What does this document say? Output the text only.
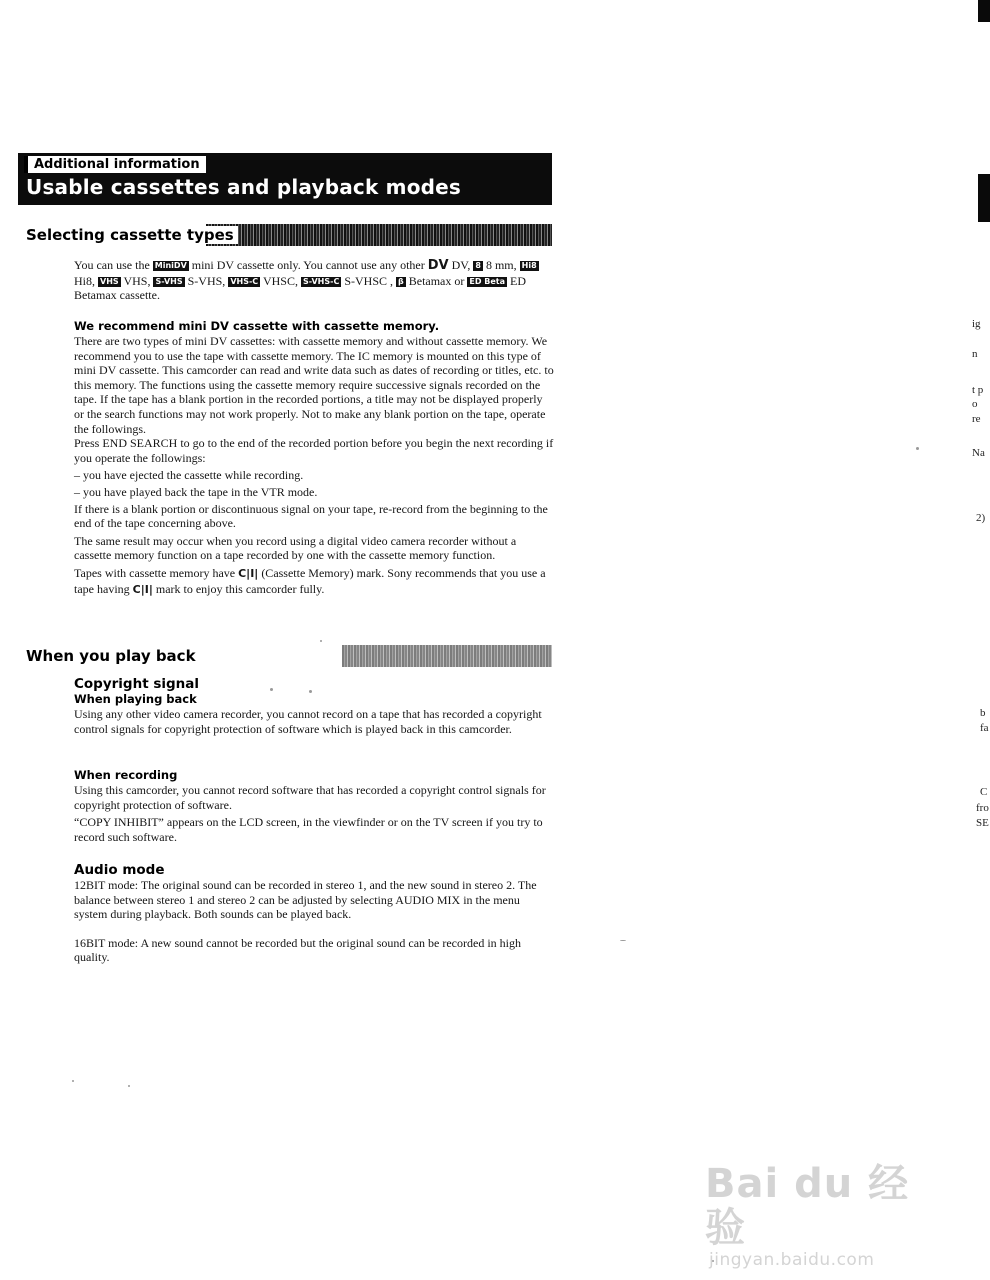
ig
n
t p
o
re
Na
2)
b
fa
C
fro
SE
Additional information
Usable cassettes and playback modes
Selecting cassette types

You can use the MiniDV mini DV cassette only. You cannot use any other DV DV, 8 8 mm, Hi8 Hi8, VHS VHS, S-VHS S-VHS, VHS-C VHSC, S-VHS-C S-VHSC , β Betamax or ED Beta ED Betamax cassette.

We recommend mini DV cassette with cassette memory.

There are two types of mini DV cassettes: with cassette memory and without cassette memory. We recommend you to use the tape with cassette memory. The IC memory is mounted on this type of mini DV cassette. This camcorder can read and write data such as dates of recording or titles, etc. to this memory. The functions using the cassette memory require successive signals recorded on the tape. If the tape has a blank portion in the recorded portions, a title may not be displayed properly or the search functions may not work properly. Not to make any blank portion on the tape, operate the followings.

Press END SEARCH to go to the end of the recorded portion before you begin the next recording if you operate the followings:

– you have ejected the cassette while recording.

– you have played back the tape in the VTR mode.

If there is a blank portion or discontinuous signal on your tape, re-record from the beginning to the end of the tape concerning above.

The same result may occur when you record using a digital video camera recorder without a cassette memory function on a tape recorded by one with the cassette memory function.

Tapes with cassette memory have C|I| (Cassette Memory) mark. Sony recommends that you use a tape having C|I| mark to enjoy this camcorder fully.

When you play back

Copyright signal

When playing back

Using any other video camera recorder, you cannot record on a tape that has recorded a copyright control signals for copyright protection of software which is played back in this camcorder.

When recording

Using this camcorder, you cannot record software that has recorded a copyright control signals for copyright protection of software.

“COPY INHIBIT” appears on the LCD screen, in the viewfinder or on the TV screen if you try to record such software.

Audio mode

12BIT mode: The original sound can be recorded in stereo 1, and the new sound in stereo 2. The balance between stereo 1 and stereo 2 can be adjusted by selecting AUDIO MIX in the menu system during playback. Both sounds can be played back.

16BIT mode: A new sound cannot be recorded but the original sound can be recorded in high quality.

Bai du 经验
jingyan.baidu.com
